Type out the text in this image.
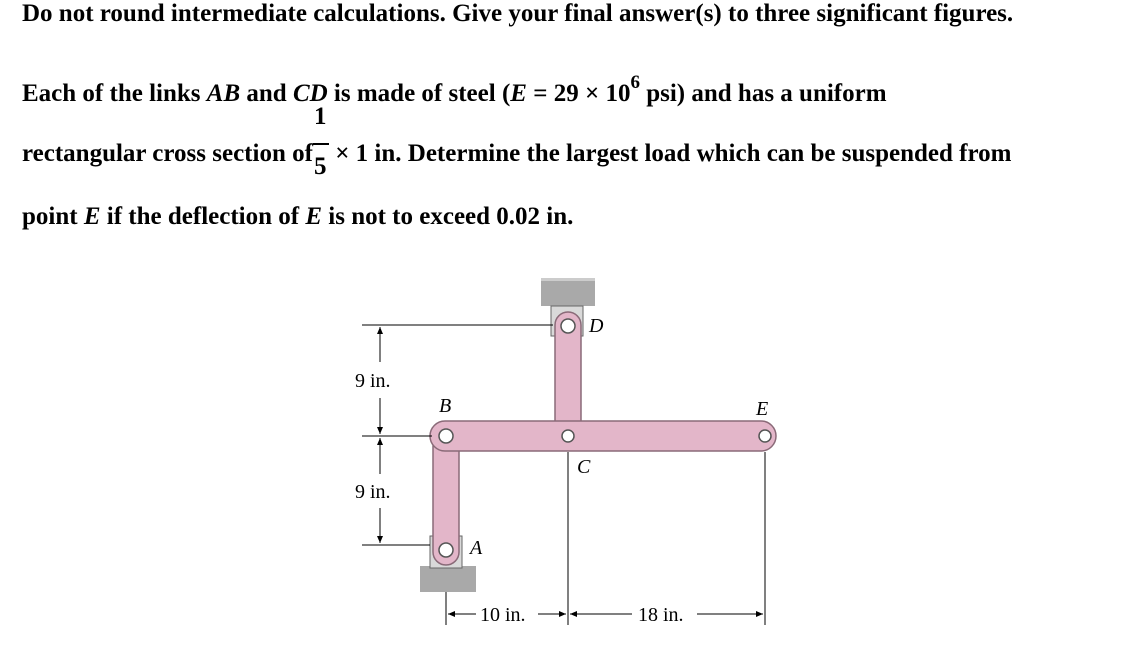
Do not round intermediate calculations. Give your final answer(s) to three significant figures.
Each of the links AB and CD is made of steel ($E = 29 \times 10^6$ psi) and has a uniform
rectangular cross section of $\frac{1}{5} \times 1$ in. Determine the largest load which can be suspended from
point E if the deflection of E is not to exceed 0.02 in.
D
B	E
C
A
9 in.
9 in.
10 in.	18 in.
